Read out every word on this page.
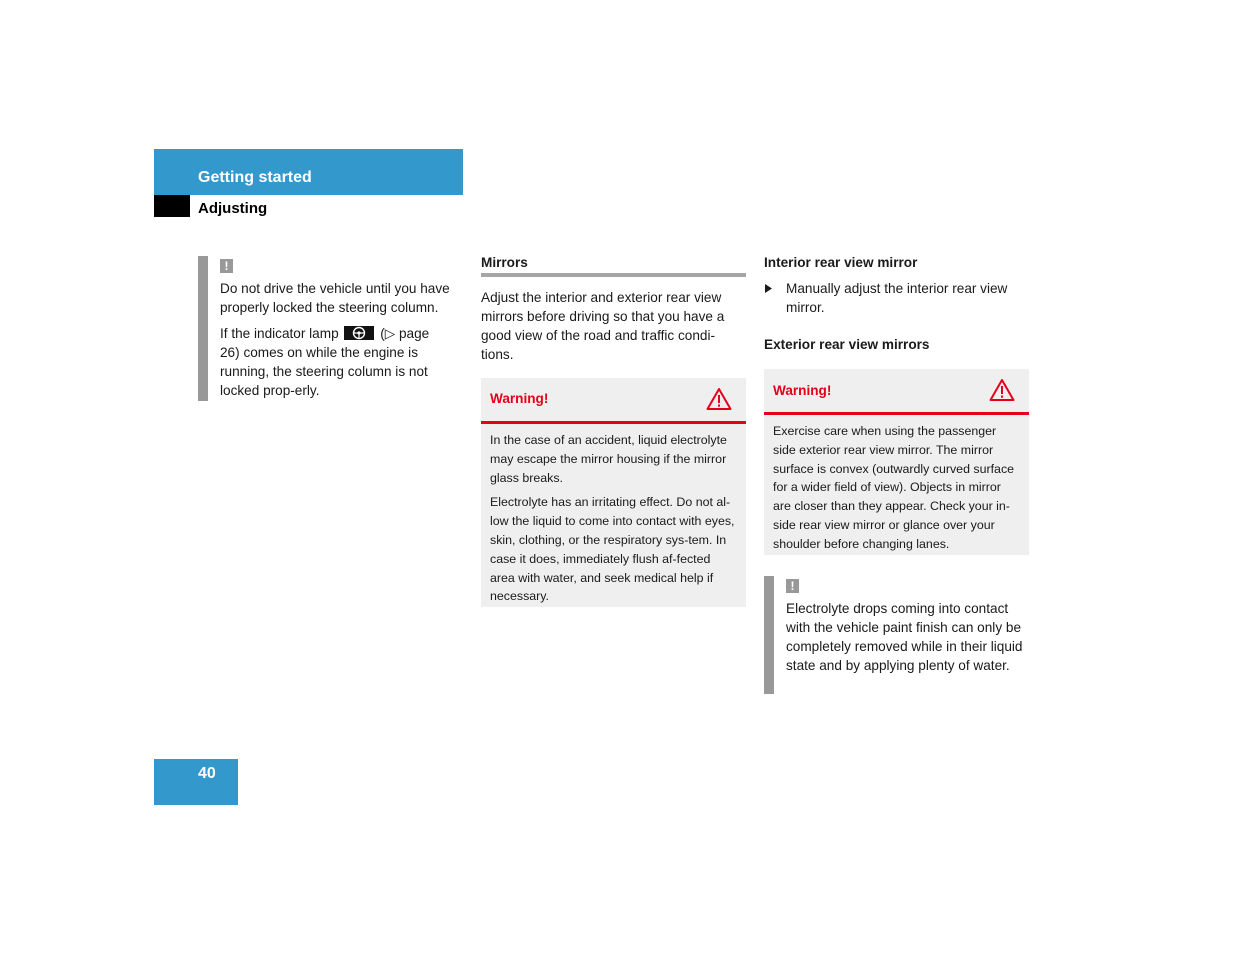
Getting started
Adjusting
!

Do not drive the vehicle until you have properly locked the steering column.

If the indicator lamp	(▷ page 26) comes on while the engine is running, the steering column is not locked prop-erly.

Mirrors

Adjust the interior and exterior rear view mirrors before driving so that you have a good view of the road and traffic condi-tions.

Warning!

In the case of an accident, liquid electrolyte may escape the mirror housing if the mirror glass breaks.

Electrolyte has an irritating effect. Do not al-low the liquid to come into contact with eyes, skin, clothing, or the respiratory sys-tem. In case it does, immediately flush af-fected area with water, and seek medical help if necessary.

Interior rear view mirror
Manually adjust the interior rear view mirror.
Exterior rear view mirrors
Warning!

Exercise care when using the passenger side exterior rear view mirror. The mirror surface is convex (outwardly curved surface for a wider field of view). Objects in mirror are closer than they appear. Check your in-side rear view mirror or glance over your shoulder before changing lanes.

!

Electrolyte drops coming into contact with the vehicle paint finish can only be completely removed while in their liquid state and by applying plenty of water.

40
